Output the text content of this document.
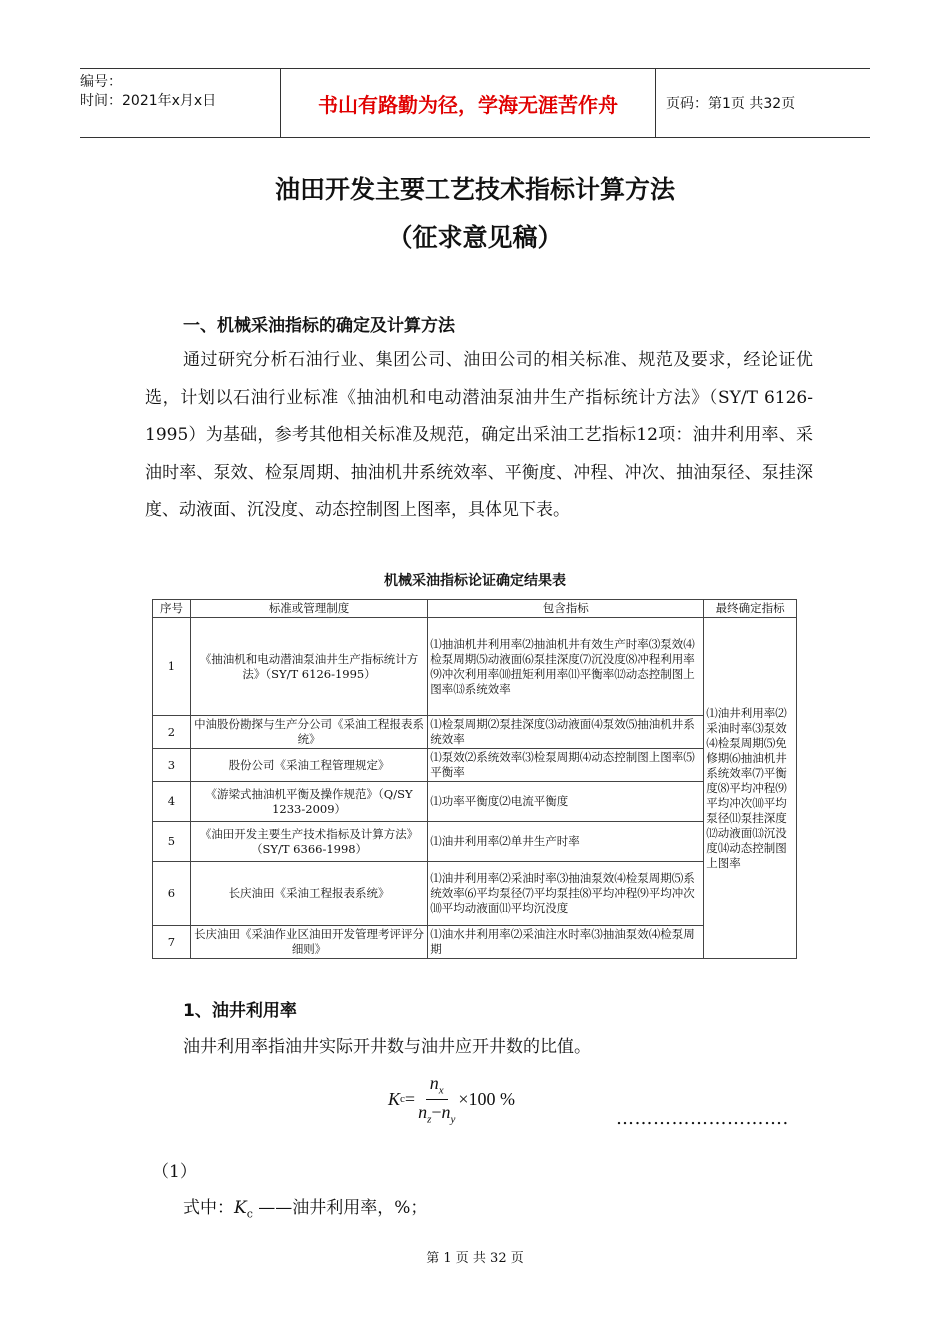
编号：
时间：2021年x月x日	书山有路勤为径，学海无涯苦作舟	页码：第1页 共32页
油田开发主要工艺技术指标计算方法
（征求意见稿）
一、机械采油指标的确定及计算方法
通过研究分析石油行业、集团公司、油田公司的相关标准、规范及要求，经论证优选，计划以石油行业标准《抽油机和电动潜油泵油井生产指标统计方法》（SY/T 6126-1995）为基础，参考其他相关标准及规范，确定出采油工艺指标12项：油井利用率、采油时率、泵效、检泵周期、抽油机井系统效率、平衡度、冲程、冲次、抽油泵径、泵挂深度、动液面、沉没度、动态控制图上图率，具体见下表。
机械采油指标论证确定结果表
序号	标准或管理制度	包含指标	最终确定指标
1	《抽油机和电动潜油泵油井生产指标统计方法》（SY/T 6126-1995）	⑴抽油机井利用率⑵抽油机井有效生产时率⑶泵效⑷检泵周期⑸动液面⑹泵挂深度⑺沉没度⑻冲程利用率⑼冲次利用率⑽扭矩利用率⑾平衡率⑿动态控制图上图率⒀系统效率	⑴油井利用率⑵采油时率⑶泵效⑷检泵周期⑸免修期⑹抽油机井系统效率⑺平衡度⑻平均冲程⑼平均冲次⑽平均泵径⑾泵挂深度⑿动液面⒀沉没度⒁动态控制图上图率
2	中油股份勘探与生产分公司《采油工程报表系统》	⑴检泵周期⑵泵挂深度⑶动液面⑷泵效⑸抽油机井系统效率	
3	股份公司《采油工程管理规定》	⑴泵效⑵系统效率⑶检泵周期⑷动态控制图上图率⑸平衡率	
4	《游梁式抽油机平衡及操作规范》（Q/SY 1233-2009）	⑴功率平衡度⑵电流平衡度	
5	《油田开发主要生产技术指标及计算方法》（SY/T 6366-1998）	⑴油井利用率⑵单井生产时率	
6	长庆油田《采油工程报表系统》	⑴油井利用率⑵采油时率⑶抽油泵效⑷检泵周期⑸系统效率⑹平均泵径⑺平均泵挂⑻平均冲程⑼平均冲次⑽平均动液面⑾平均沉没度	
7	长庆油田《采油作业区油田开发管理考评评分细则》	⑴油水井利用率⑵采油注水时率⑶抽油泵效⑷检泵周期	
1、油井利用率
油井利用率指油井实际开井数与油井应开井数的比值。
K $c = \frac{n_x}{n_z-n_y} \times 100$ %
……………………….
（1）
式中：$K_c$ ——油井利用率，%；
第 1 页 共 32 页
